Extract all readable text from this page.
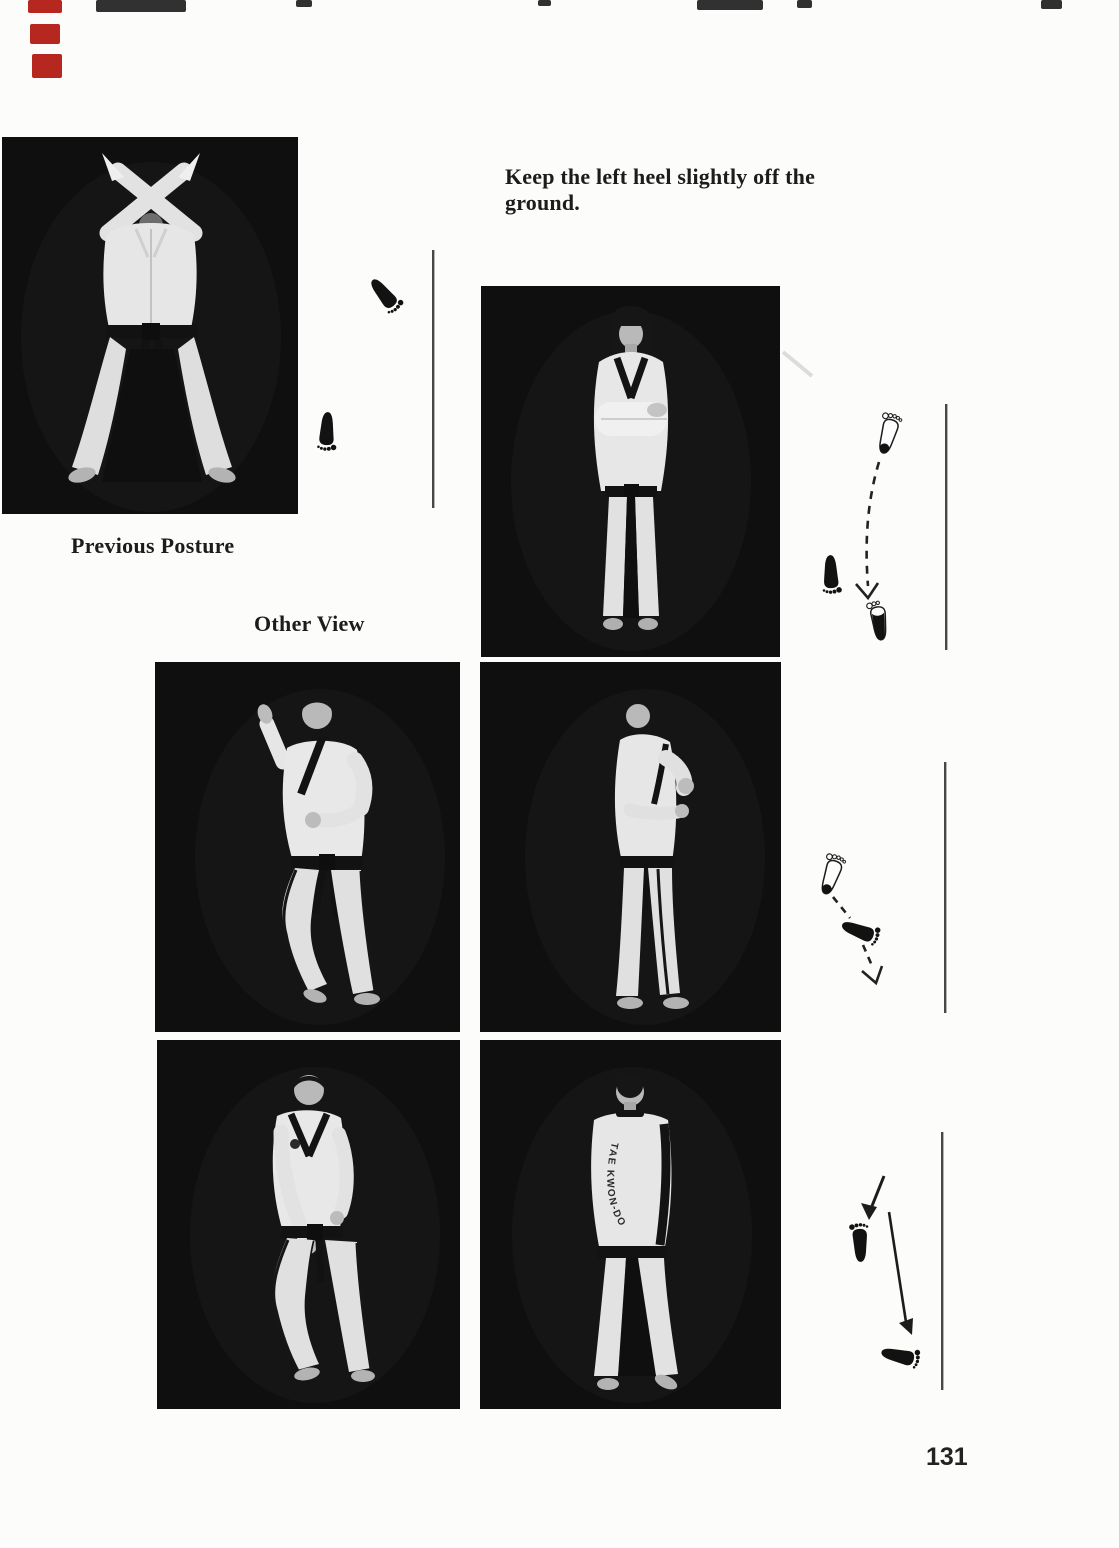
Keep the left heel slightly off the ground.

Previous Posture

Other View

131
TAE KWON-DO
